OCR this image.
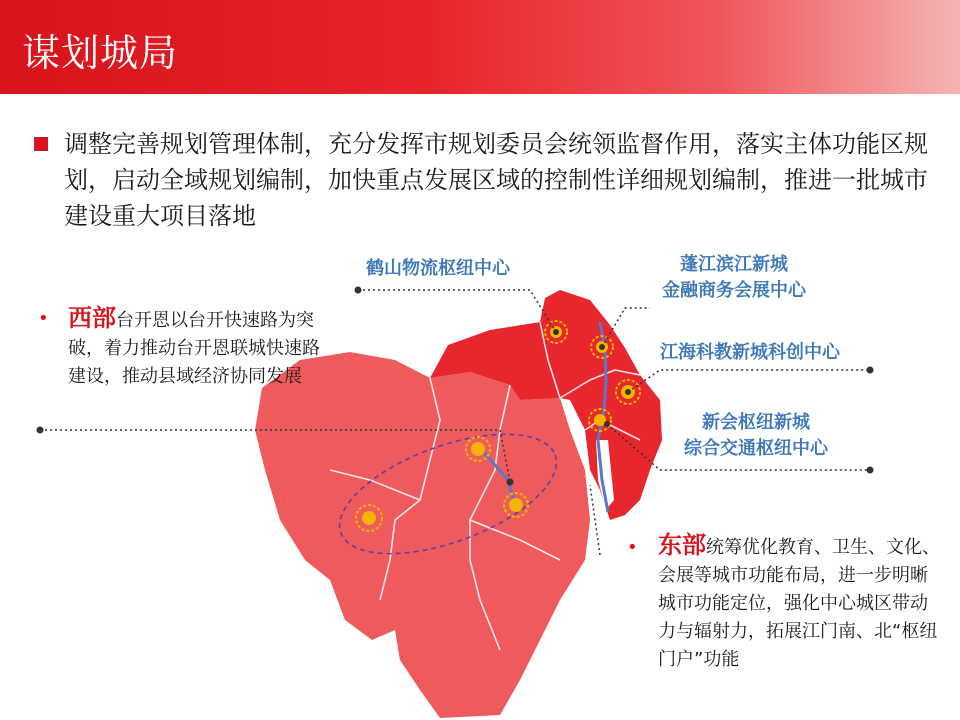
谋划城局
调整完善规划管理体制，充分发挥市规划委员会统领监督作用，落实主体功能区规划，启动全域规划编制，加快重点发展区域的控制性详细规划编制，推进一批城市建设重大项目落地
鹤山物流枢纽中心	蓬江滨江新城
金融商务会展中心
江海科教新城科创中心
新会枢纽新城
综合交通枢纽中心
• 西部台开恩以台开快速路为突破，着力推动台开恩联城快速路建设，推动县域经济协同发展
• 东部统筹优化教育、卫生、文化、会展等城市功能布局，进一步明晰城市功能定位，强化中心城区带动力与辐射力，拓展江门南、北“枢纽门户”功能
大数跨境
